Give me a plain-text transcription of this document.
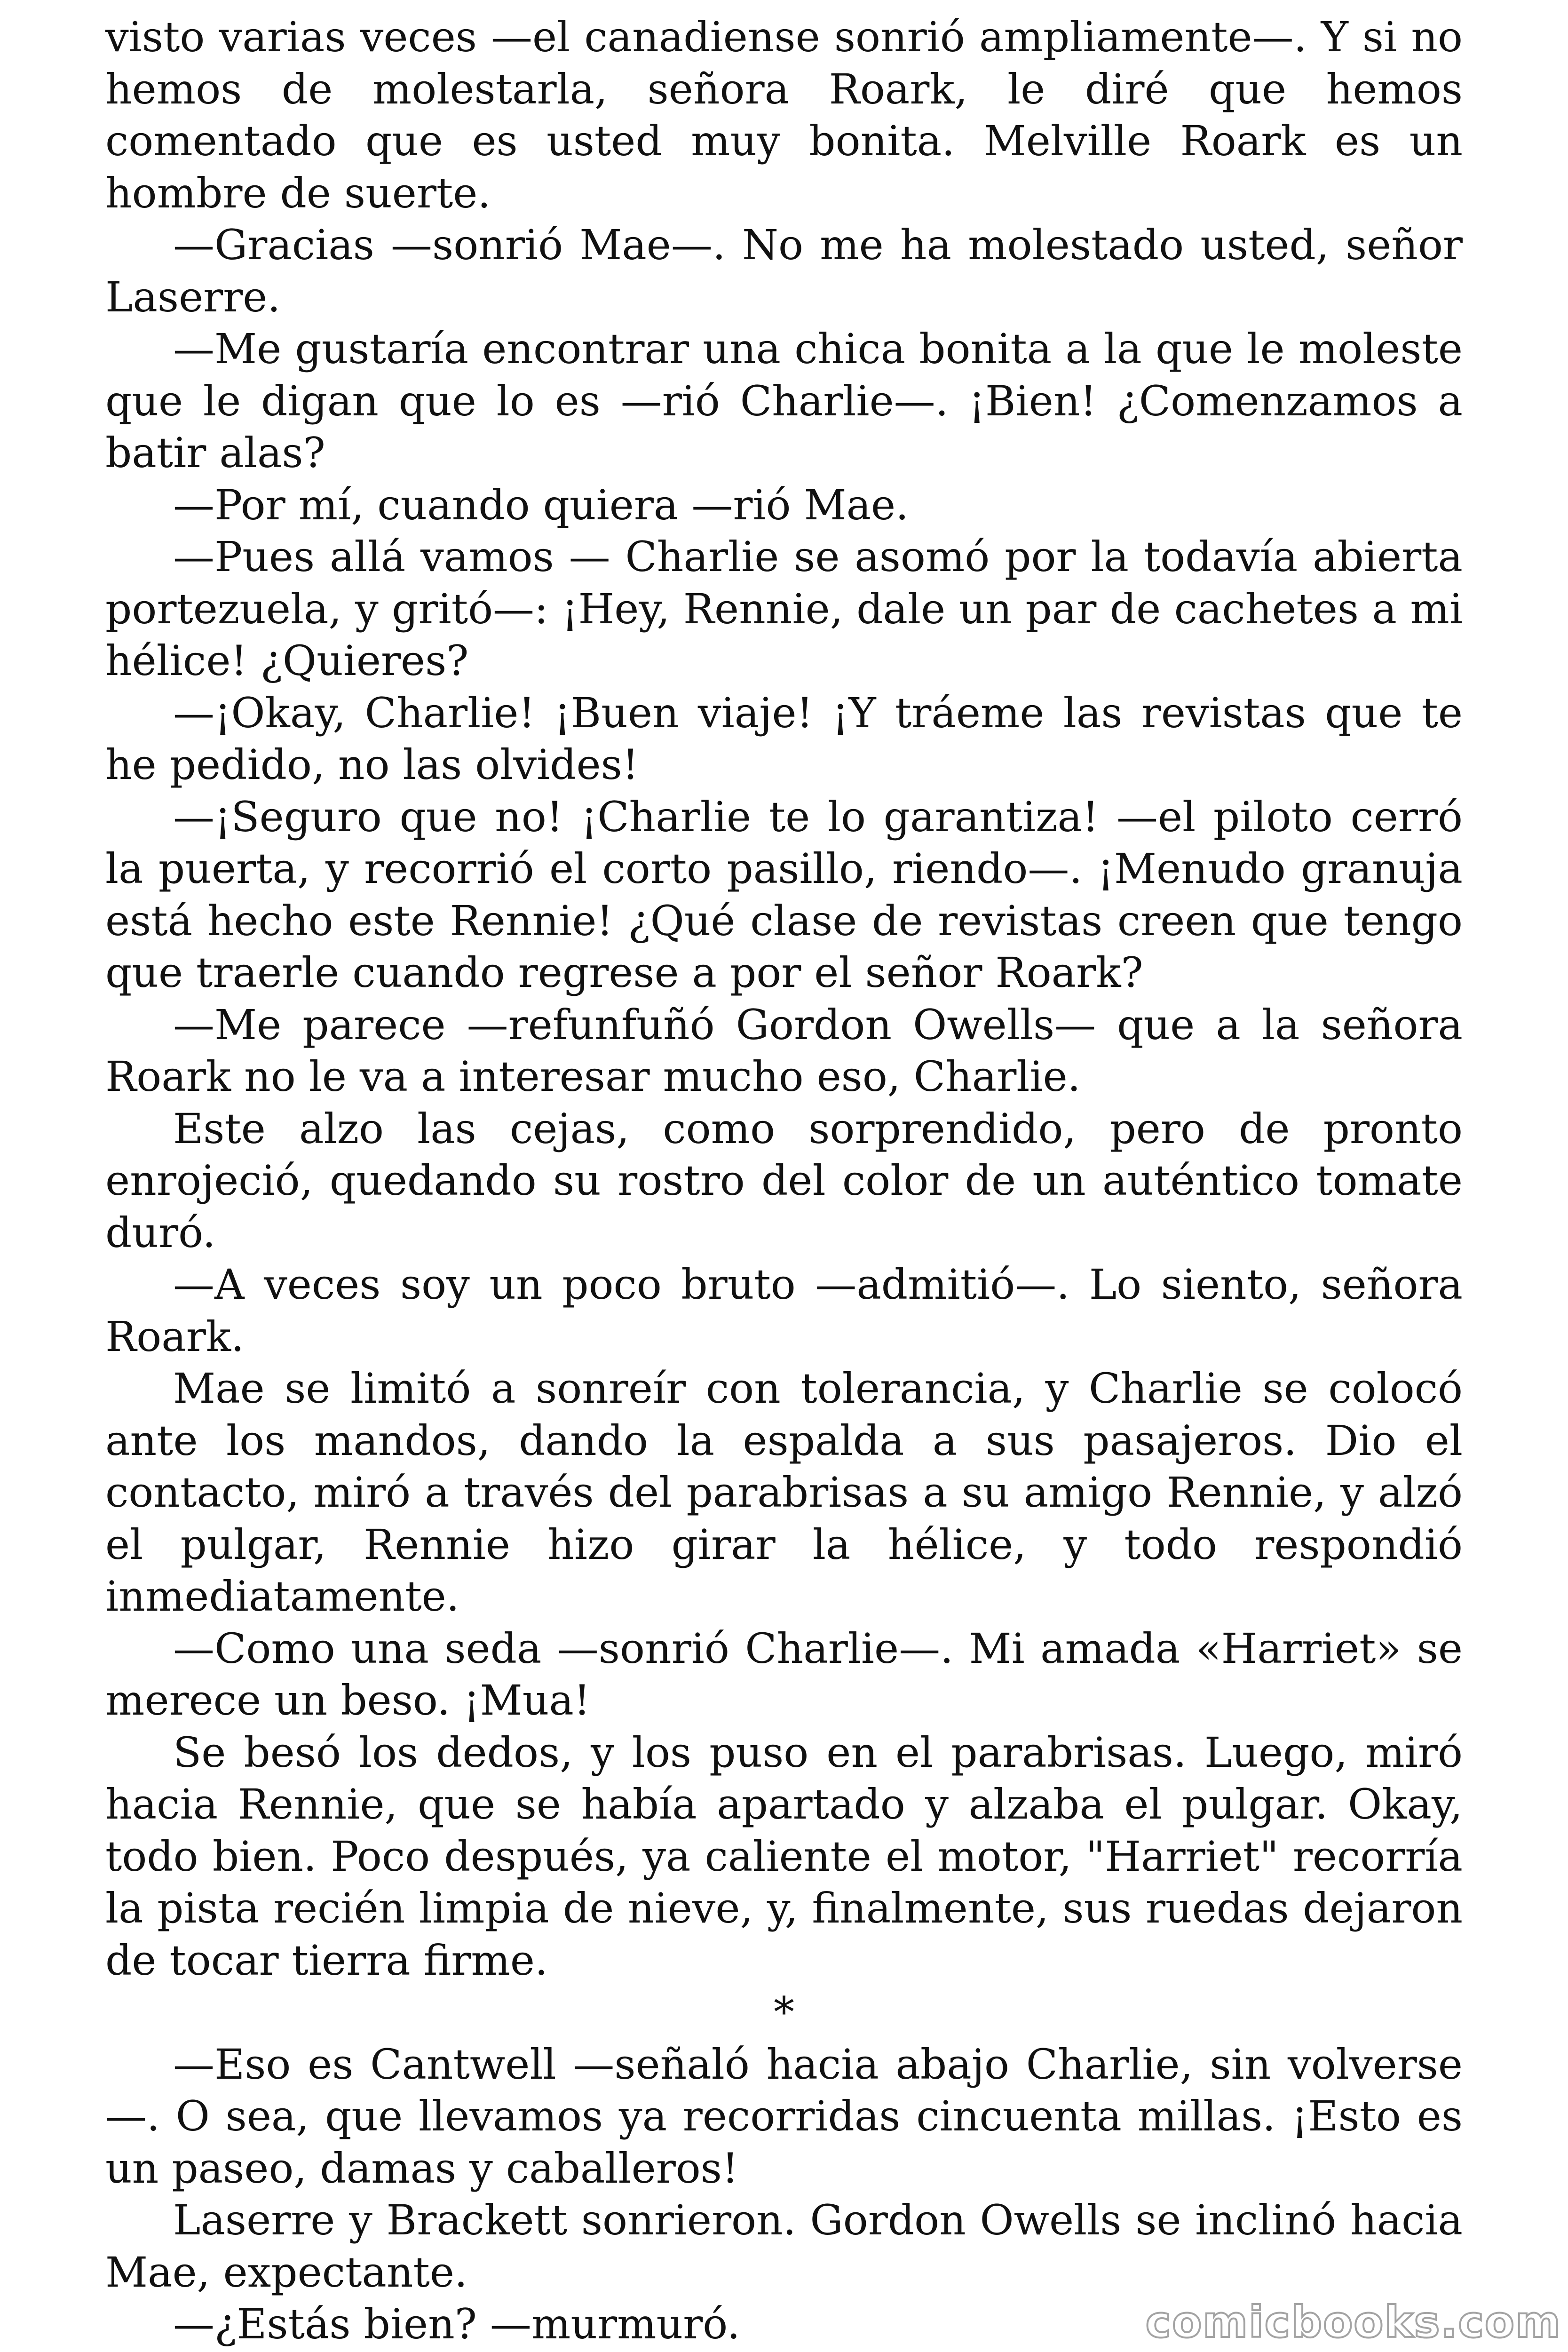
visto varias veces —el canadiense sonrió ampliamente—. Y si no hemos de molestarla, señora Roark, le diré que hemos comentado que es usted muy bonita. Melville Roark es un hombre de suerte.

—Gracias —sonrió Mae—. No me ha molestado usted, señor Laserre.

—Me gustaría encontrar una chica bonita a la que le moleste que le digan que lo es —rió Charlie—. ¡Bien! ¿Comenzamos a batir alas?

—Por mí, cuando quiera —rió Mae.

—Pues allá vamos — Charlie se asomó por la todavía abierta portezuela, y gritó—: ¡Hey, Rennie, dale un par de cachetes a mi hélice! ¿Quieres?

—¡Okay, Charlie! ¡Buen viaje! ¡Y tráeme las revistas que te he pedido, no las olvides!

—¡Seguro que no! ¡Charlie te lo garantiza! —el piloto cerró la puerta, y recorrió el corto pasillo, riendo—. ¡Menudo granuja está hecho este Rennie! ¿Qué clase de revistas creen que tengo que traerle cuando regrese a por el señor Roark?

—Me parece —refunfuñó Gordon Owells— que a la señora Roark no le va a interesar mucho eso, Charlie.

Este alzo las cejas, como sorprendido, pero de pronto enrojeció, quedando su rostro del color de un auténtico tomate duró.

—A veces soy un poco bruto —admitió—. Lo siento, señora Roark.

Mae se limitó a sonreír con tolerancia, y Charlie se colocó ante los mandos, dando la espalda a sus pasajeros. Dio el contacto, miró a través del parabrisas a su amigo Rennie, y alzó el pulgar, Rennie hizo girar la hélice, y todo respondió inmediatamente.

—Como una seda —sonrió Charlie—. Mi amada «Harriet» se merece un beso. ¡Mua!

Se besó los dedos, y los puso en el parabrisas. Luego, miró hacia Rennie, que se había apartado y alzaba el pulgar. Okay, todo bien. Poco después, ya caliente el motor, "Harriet" recorría la pista recién limpia de nieve, y, finalmente, sus ruedas dejaron de tocar tierra firme.

*

—Eso es Cantwell —señaló hacia abajo Charlie, sin volverse—. O sea, que llevamos ya recorridas cincuenta millas. ¡Esto es un paseo, damas y caballeros!

Laserre y Brackett sonrieron. Gordon Owells se inclinó hacia Mae, expectante.

—¿Estás bien? —murmuró.	comicbooks.com
